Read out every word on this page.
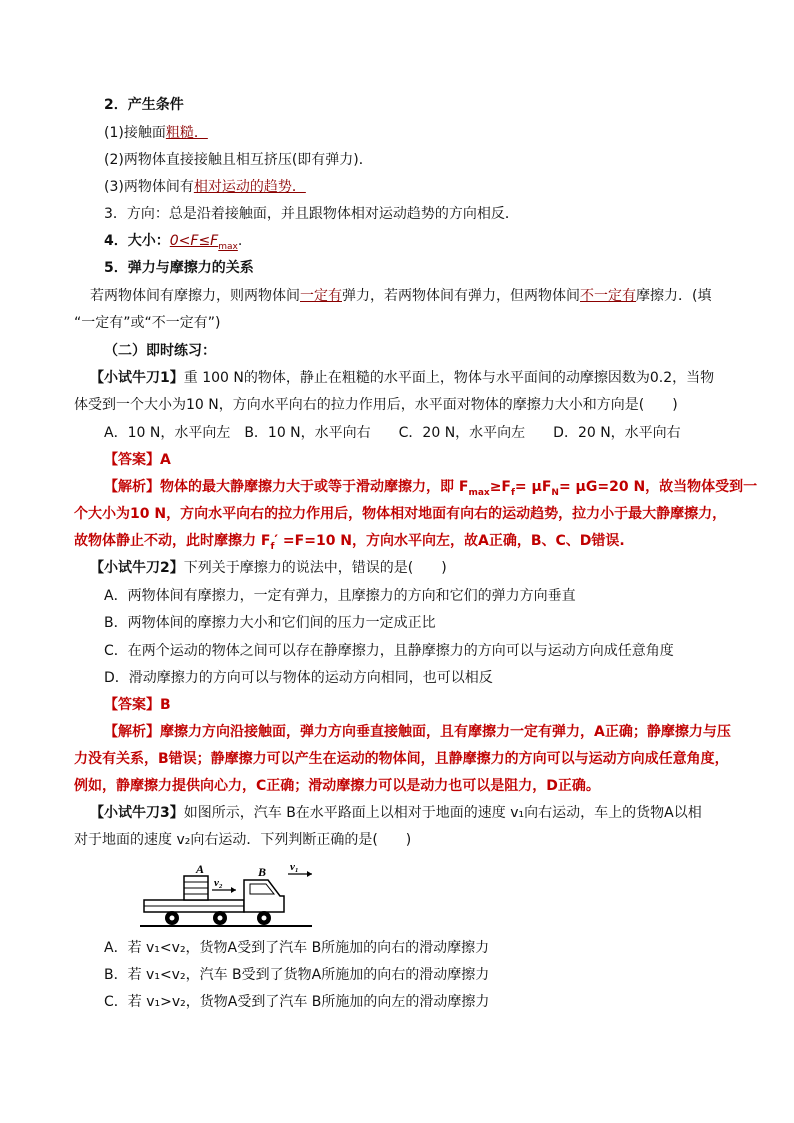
2．产生条件
(1)接触面粗糙．
(2)两物体直接接触且相互挤压(即有弹力)．
(3)两物体间有相对运动的趋势．
3．方向：总是沿着接触面，并且跟物体相对运动趋势的方向相反．
4．大小：$0<F\le F_{max}$.
5．弹力与摩擦力的关系
若两物体间有摩擦力，则两物体间一定有弹力，若两物体间有弹力，但两物体间不一定有摩擦力．(填
“一定有”或“不一定有”)
（二）即时练习：
【小试牛刀1】重 100 N的物体，静止在粗糙的水平面上，物体与水平面间的动摩擦因数为0.2，当物
体受到一个大小为10 N，方向水平向右的拉力作用后，水平面对物体的摩擦力大小和方向是(　　)
A．10 N，水平向左　B．10 N，水平向右　　C．20 N，水平向左　　D．20 N，水平向右
【答案】A
【解析】物体的最大静摩擦力大于或等于滑动摩擦力，即 $F_{max}\ge F_f= \mu F_N= \mu G=20$ N，故当物体受到一
个大小为10 N，方向水平向右的拉力作用后，物体相对地面有向右的运动趋势，拉力小于最大静摩擦力，
故物体静止不动，此时摩擦力 $F_f' =F=10$ N，方向水平向左，故A正确，B、C、D错误.
【小试牛刀2】下列关于摩擦力的说法中，错误的是(　　)
A．两物体间有摩擦力，一定有弹力，且摩擦力的方向和它们的弹力方向垂直
B．两物体间的摩擦力大小和它们间的压力一定成正比
C．在两个运动的物体之间可以存在静摩擦力，且静摩擦力的方向可以与运动方向成任意角度
D．滑动摩擦力的方向可以与物体的运动方向相同，也可以相反
【答案】B
【解析】摩擦力方向沿接触面，弹力方向垂直接触面，且有摩擦力一定有弹力，A正确；静摩擦力与压
力没有关系，B错误；静摩擦力可以产生在运动的物体间，且静摩擦力的方向可以与运动方向成任意角度，
例如，静摩擦力提供向心力，C正确；滑动摩擦力可以是动力也可以是阻力，D正确。
【小试牛刀3】如图所示，汽车 B在水平路面上以相对于地面的速度 v₁向右运动，车上的货物A以相
对于地面的速度 v₂向右运动．下列判断正确的是(　　)
A	B
v₂
v₁
A．若 v₁<v₂，货物A受到了汽车 B所施加的向右的滑动摩擦力
B．若 v₁<v₂，汽车 B受到了货物A所施加的向右的滑动摩擦力
C．若 v₁>v₂，货物A受到了汽车 B所施加的向左的滑动摩擦力
